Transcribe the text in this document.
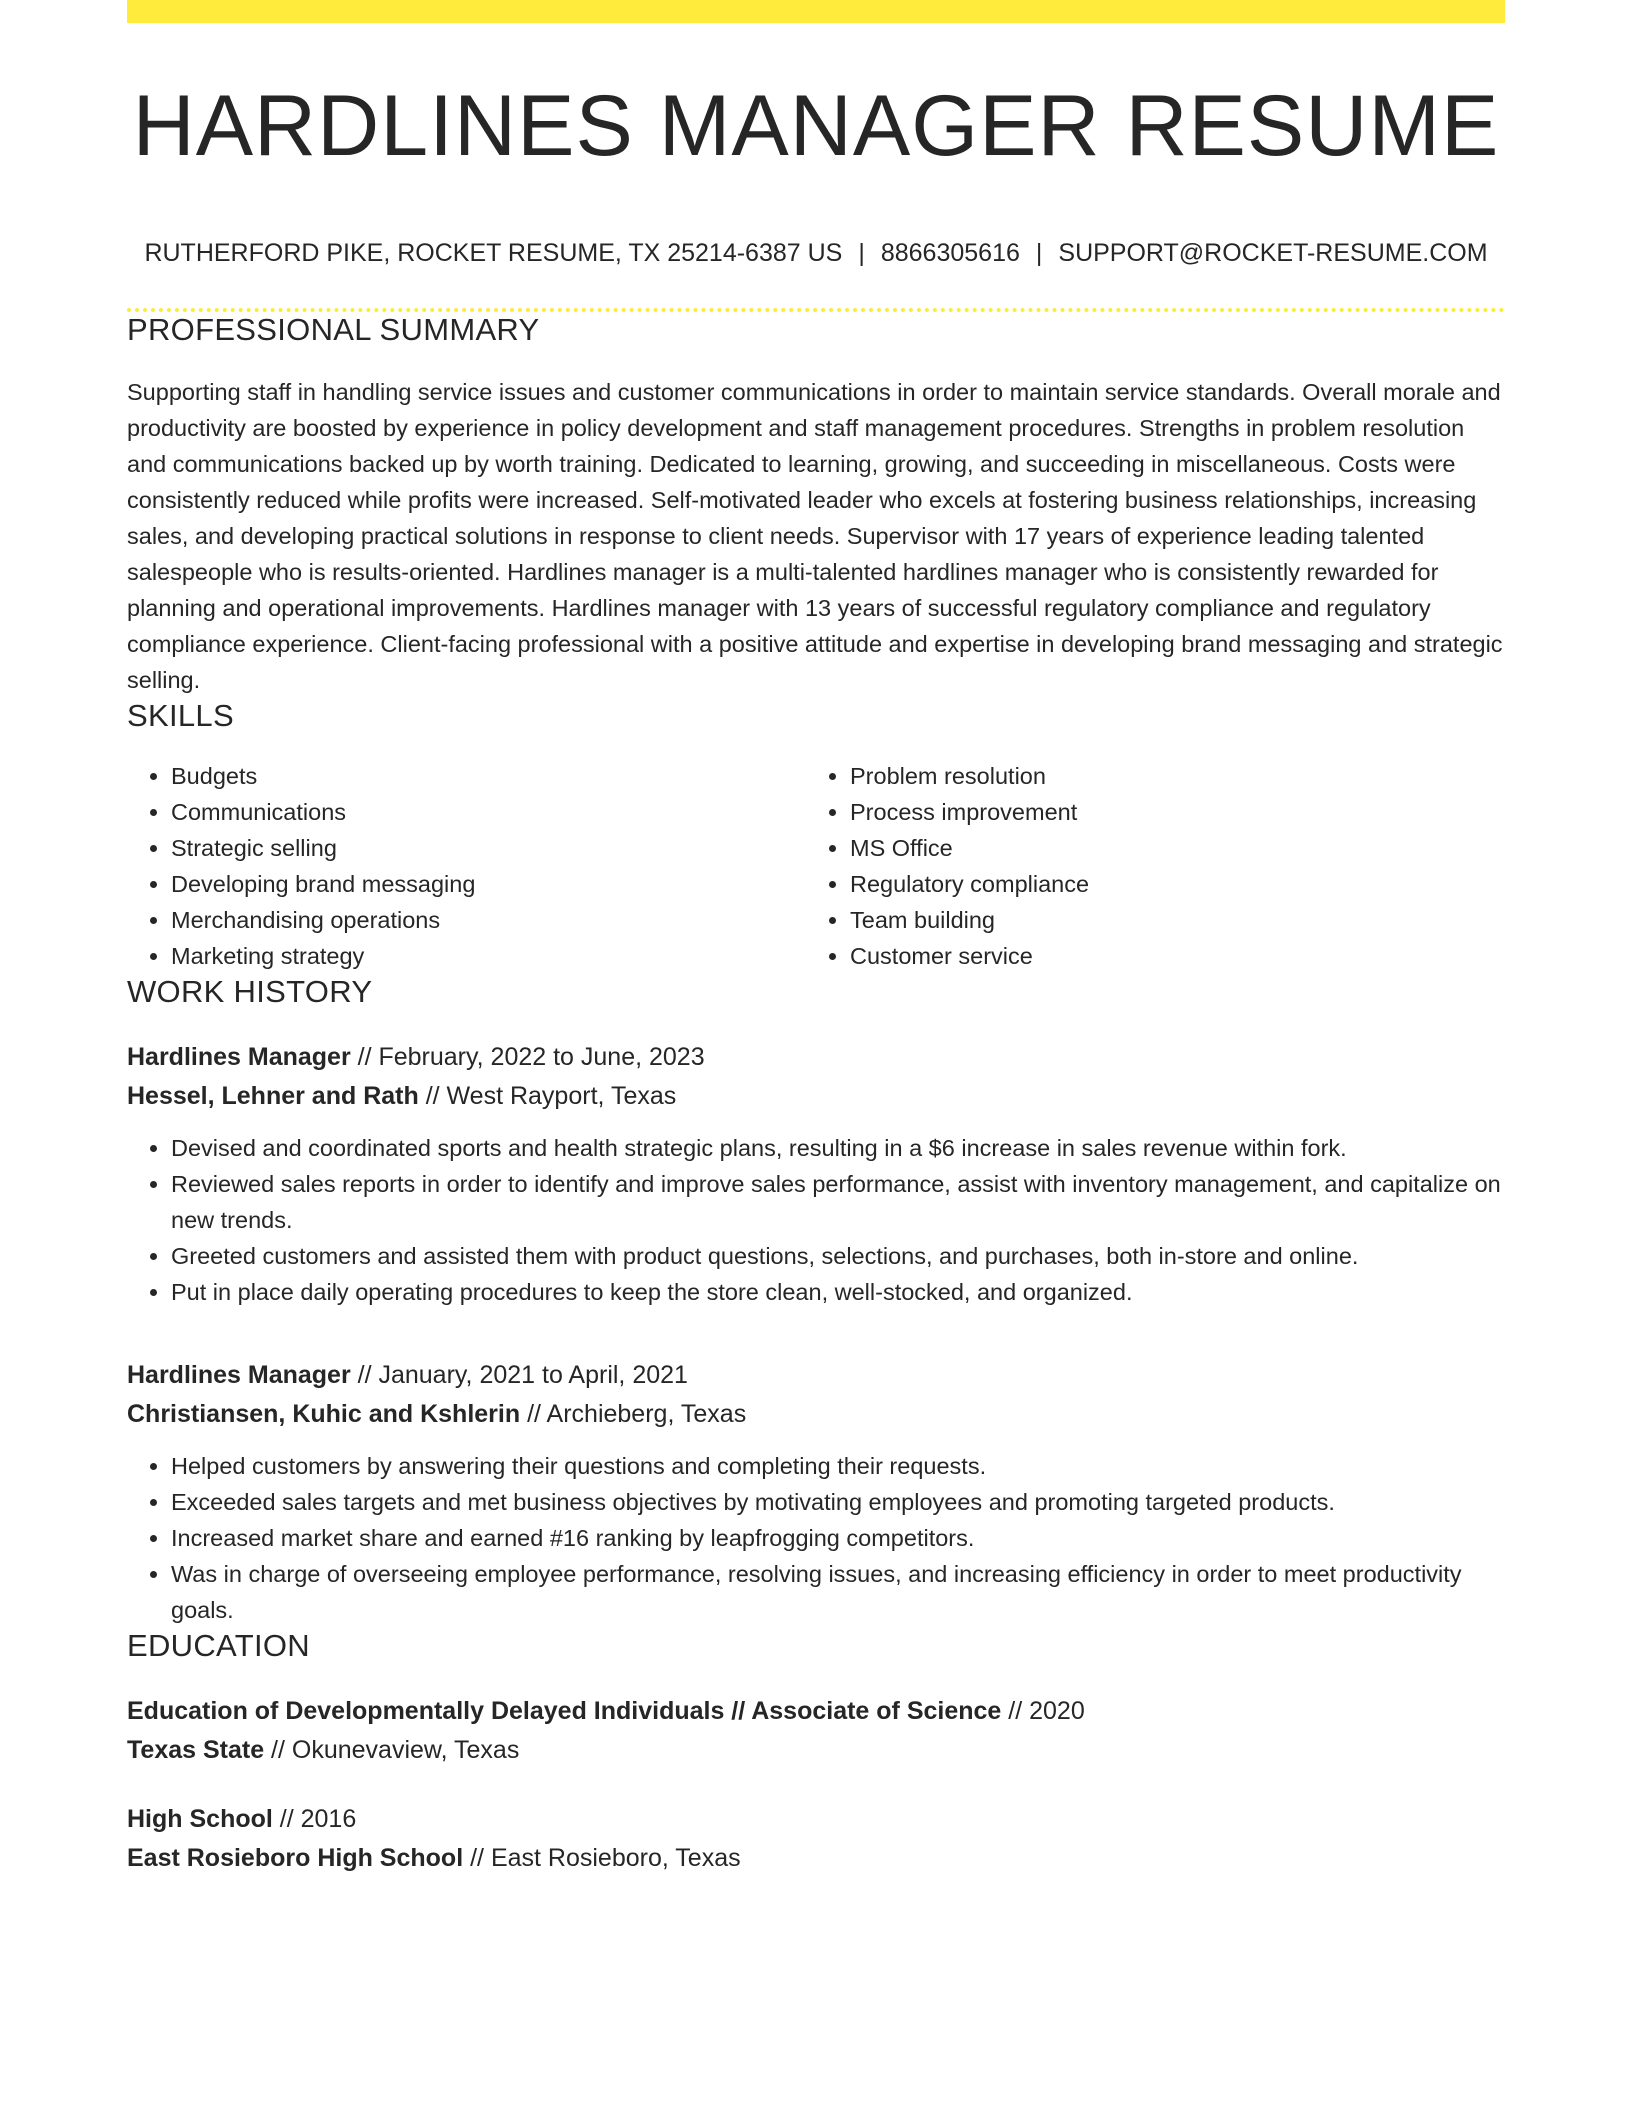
HARDLINES MANAGER RESUME
RUTHERFORD PIKE, ROCKET RESUME, TX 25214-6387 US | 8866305616 | SUPPORT@ROCKET-RESUME.COM
PROFESSIONAL SUMMARY

Supporting staff in handling service issues and customer communications in order to maintain service standards. Overall morale and productivity are boosted by experience in policy development and staff management procedures. Strengths in problem resolution and communications backed up by worth training. Dedicated to learning, growing, and succeeding in miscellaneous. Costs were consistently reduced while profits were increased. Self-motivated leader who excels at fostering business relationships, increasing sales, and developing practical solutions in response to client needs. Supervisor with 17 years of experience leading talented salespeople who is results-oriented. Hardlines manager is a multi-talented hardlines manager who is consistently rewarded for planning and operational improvements. Hardlines manager with 13 years of successful regulatory compliance and regulatory compliance experience. Client-facing professional with a positive attitude and expertise in developing brand messaging and strategic selling.

SKILLS
• Budgets
• Communications
• Strategic selling
• Developing brand messaging
• Merchandising operations
• Marketing strategy
• Problem resolution
• Process improvement
• MS Office
• Regulatory compliance
• Team building
• Customer service
WORK HISTORY
Hardlines Manager // February, 2022 to June, 2023
Hessel, Lehner and Rath // West Rayport, Texas
• Devised and coordinated sports and health strategic plans, resulting in a $6 increase in sales revenue within fork.
• Reviewed sales reports in order to identify and improve sales performance, assist with inventory management, and capitalize on new trends.
• Greeted customers and assisted them with product questions, selections, and purchases, both in-store and online.
• Put in place daily operating procedures to keep the store clean, well-stocked, and organized.
Hardlines Manager // January, 2021 to April, 2021
Christiansen, Kuhic and Kshlerin // Archieberg, Texas
• Helped customers by answering their questions and completing their requests.
• Exceeded sales targets and met business objectives by motivating employees and promoting targeted products.
• Increased market share and earned #16 ranking by leapfrogging competitors.
• Was in charge of overseeing employee performance, resolving issues, and increasing efficiency in order to meet productivity goals.
EDUCATION
Education of Developmentally Delayed Individuals // Associate of Science // 2020
Texas State // Okunevaview, Texas
High School // 2016
East Rosieboro High School // East Rosieboro, Texas
